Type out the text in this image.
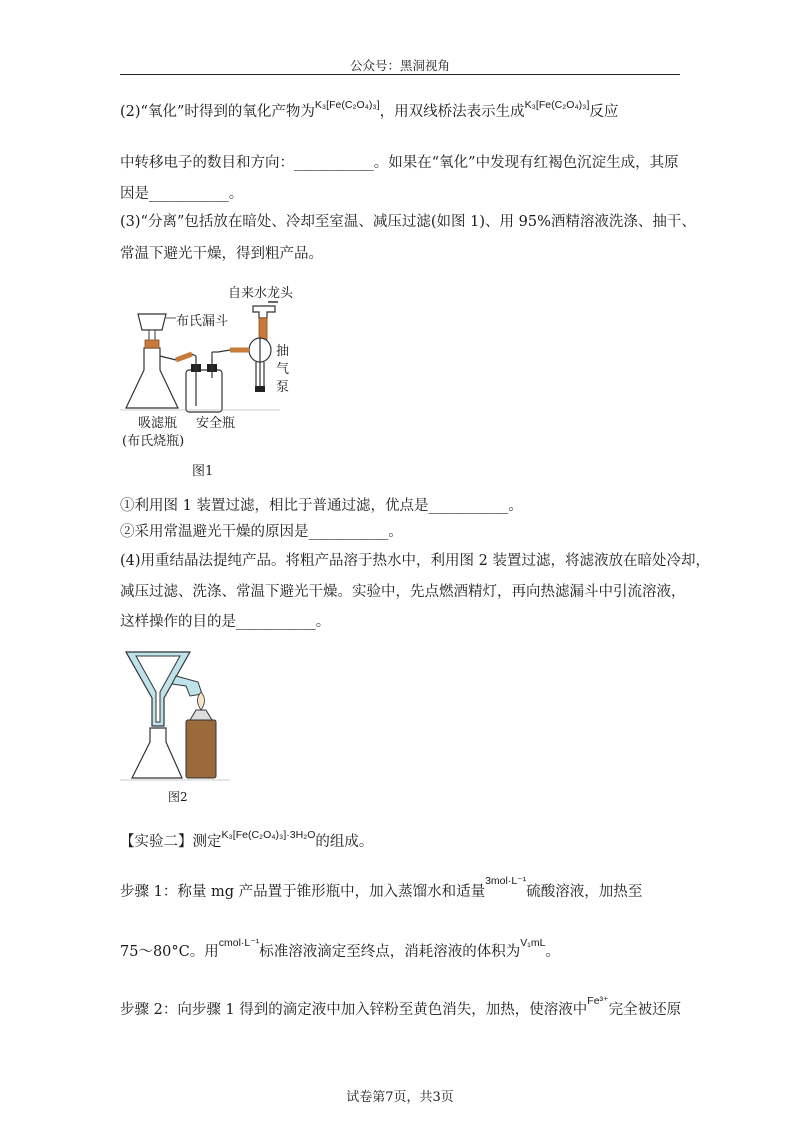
公众号：黑洞视角
(2)“氧化”时得到的氧化产物为$^{K_3[Fe(C_2O_4)_3]}$，用双线桥法表示生成$^{K_3[Fe(C_2O_4)_3]}$反应
中转移电子的数目和方向：___________。如果在“氧化”中发现有红褐色沉淀生成，其原
因是___________。
(3)“分离”包括放在暗处、冷却至室温、减压过滤(如图 1)、用 95%酒精溶液洗涤、抽干、
常温下避光干燥，得到粗产品。
自来水龙头
布氏漏斗
抽
气
泵
吸滤瓶
(布氏烧瓶)
安全瓶
图1
①利用图 1 装置过滤，相比于普通过滤，优点是___________。
②采用常温避光干燥的原因是___________。
(4)用重结晶法提纯产品。将粗产品溶于热水中，利用图 2 装置过滤，将滤液放在暗处冷却，
减压过滤、洗涤、常温下避光干燥。实验中，先点燃酒精灯，再向热滤漏斗中引流溶液，
这样操作的目的是___________。
图2
【实验二】测定$^{K_3[Fe(C_2O_4)_3]\cdot 3H_2O}$的组成。
步骤 1：称量 mg 产品置于锥形瓶中，加入蒸馏水和适量$^{3mol\cdot L^{-1}}$硫酸溶液，加热至
75～80°C。用$^{cmol\cdot L^{-1}}$标准溶液滴定至终点，消耗溶液的体积为$^{V_1mL}$。
步骤 2：向步骤 1 得到的滴定液中加入锌粉至黄色消失，加热，使溶液中$^{Fe^{3+}}$完全被还原
试卷第7页，共3页
